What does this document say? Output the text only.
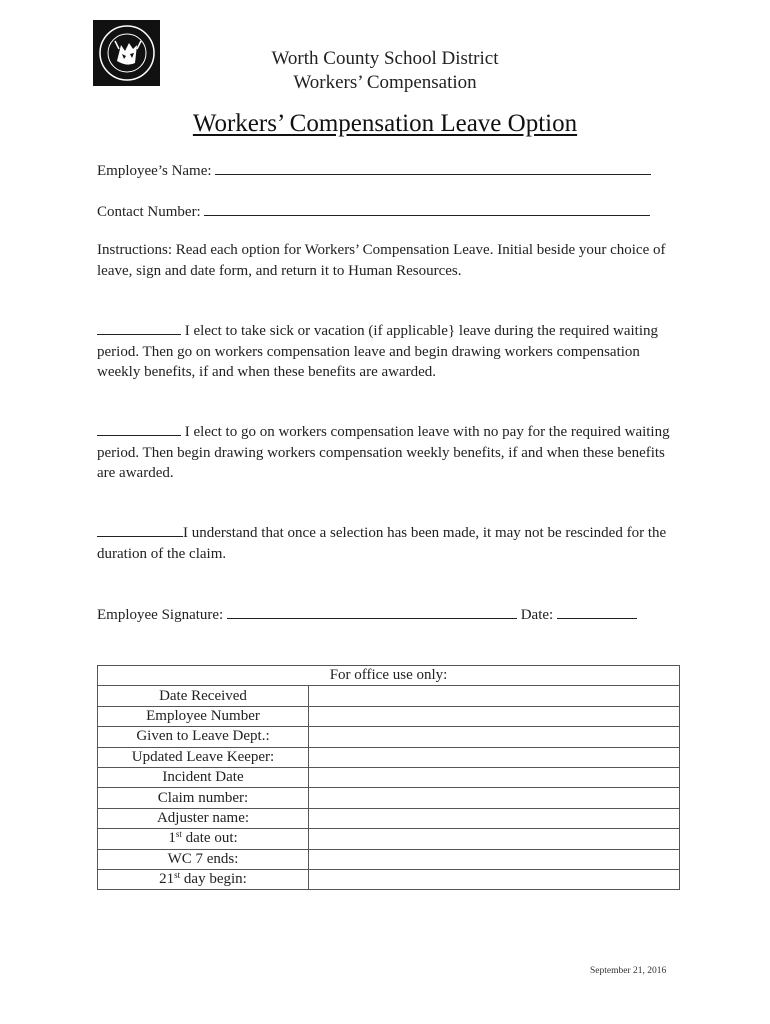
Worth County School District
Workers’ Compensation
Workers’ Compensation Leave Option
Employee’s Name:
Contact Number:
Instructions: Read each option for Workers’ Compensation Leave. Initial beside your choice of leave, sign and date form, and return it to Human Resources.
I elect to take sick or vacation (if applicable} leave during the required waiting period. Then go on workers compensation leave and begin drawing workers compensation weekly benefits, if and when these benefits are awarded.
I elect to go on workers compensation leave with no pay for the required waiting period. Then begin drawing workers compensation weekly benefits, if and when these benefits are awarded.
I understand that once a selection has been made, it may not be rescinded for the duration of the claim.
Employee Signature:	Date:
For office use only:	
Date Received	
Employee Number	
Given to Leave Dept.:	
Updated Leave Keeper:	
Incident Date	
Claim number:	
Adjuster name:	
1st date out:	
WC 7 ends:	
21st day begin:	
September 21, 2016
